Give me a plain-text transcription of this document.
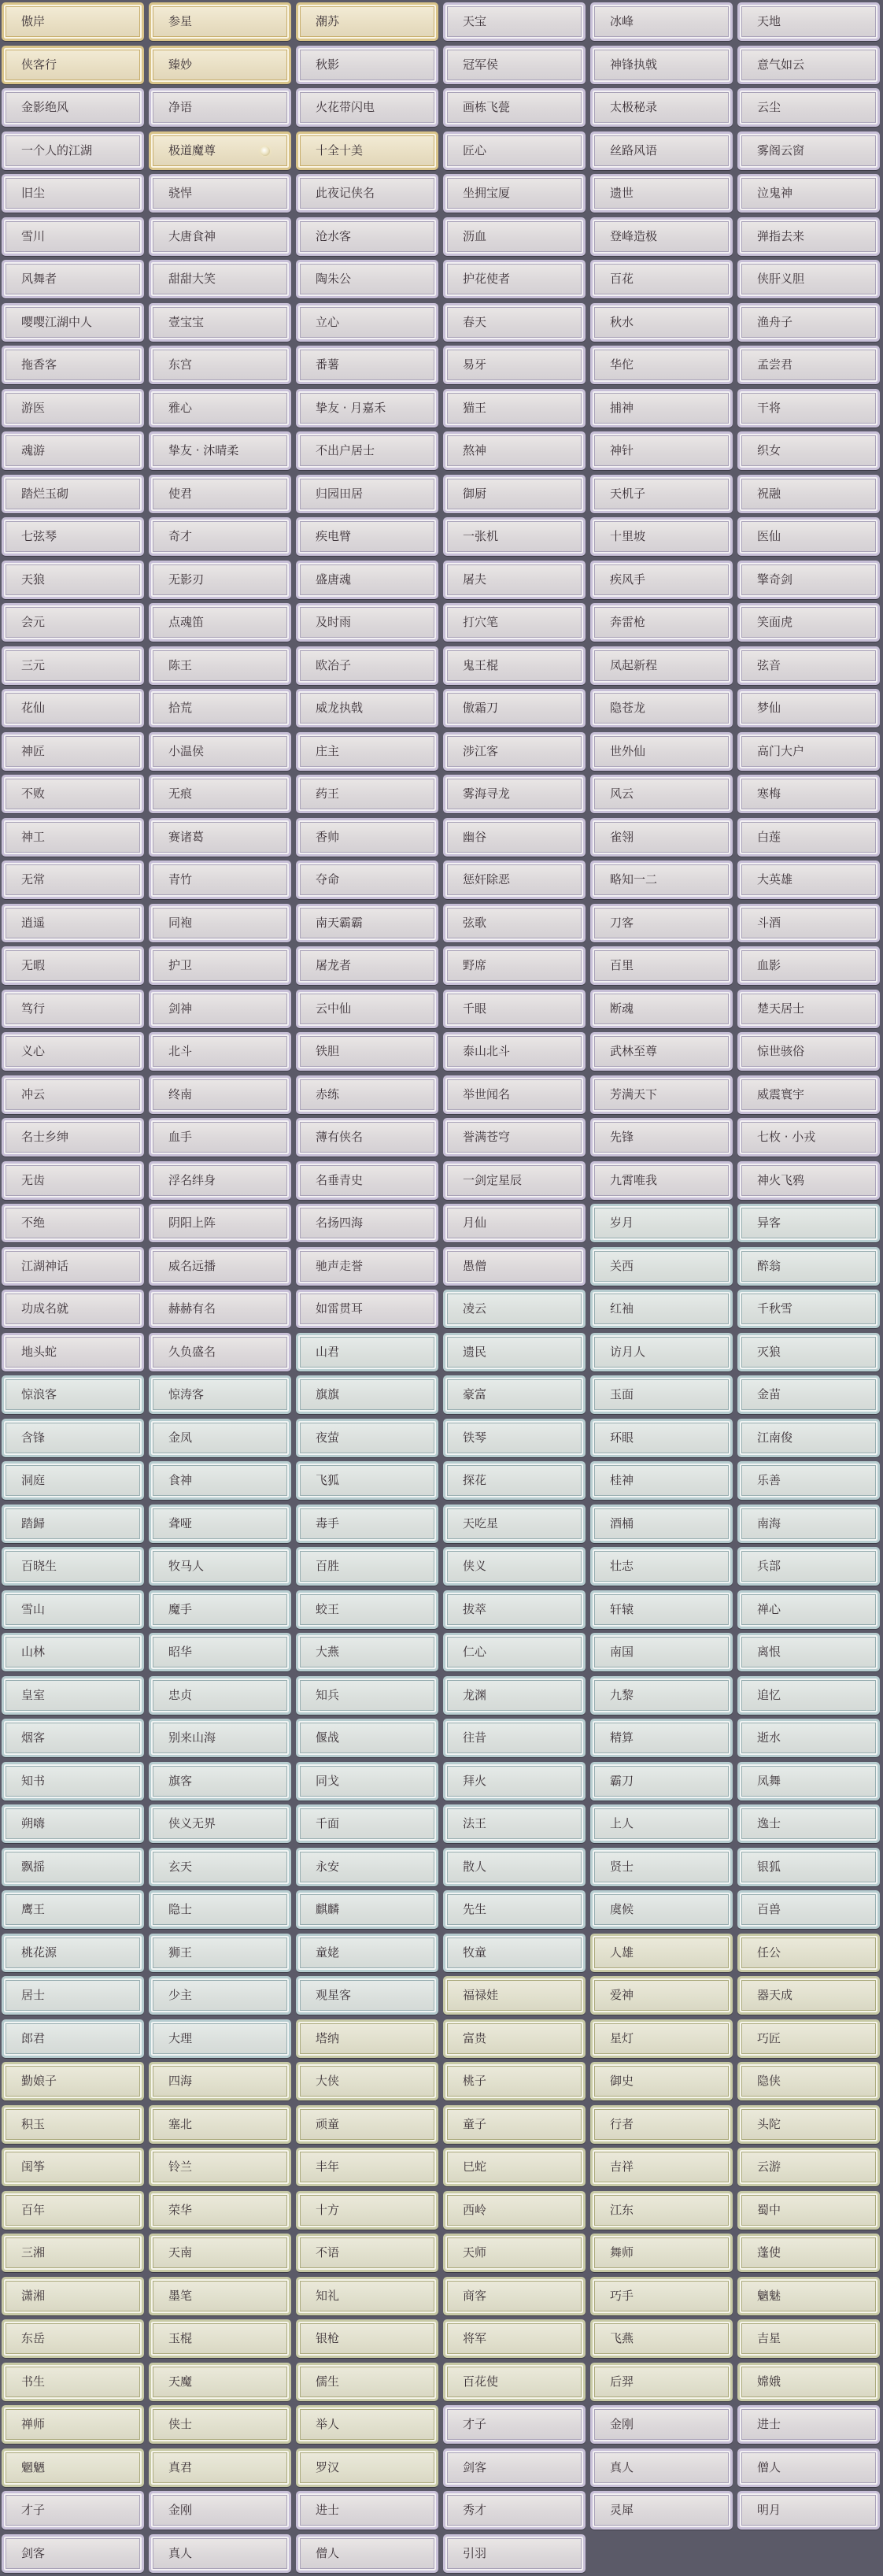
傲岸	参星	潮苏	天宝	冰峰	天地
侠客行	臻妙	秋影	冠军侯	神锋执戟	意气如云
金影绝风	净语	火花带闪电	画栋飞甍	太极秘录	云尘
一个人的江湖	极道魔尊	十全十美	匠心	丝路风语	雾阁云窗
旧尘	骁悍	此夜记侠名	坐拥宝厦	遗世	泣鬼神
雪川	大唐食神	沧水客	沥血	登峰造极	弹指去来
风舞者	甜甜大笑	陶朱公	护花使者	百花	侠肝义胆
嘤嘤江湖中人	壹宝宝	立心	春天	秋水	渔舟子
拖香客	东宫	番薯	易牙	华佗	孟尝君
游医	雅心	挚友 · 月嘉禾	猫王	捕神	干将
魂游	挚友 · 沐晴柔	不出户居士	熬神	神针	织女
踏烂玉砌	使君	归园田居	御厨	天机子	祝融
七弦琴	奇才	疾电臂	一张机	十里坡	医仙
天狼	无影刃	盛唐魂	屠夫	疾风手	擎奇剑
会元	点魂笛	及时雨	打穴笔	奔雷枪	笑面虎
三元	陈王	欧冶子	鬼王棍	凤起新程	弦音
花仙	拾荒	威龙执戟	傲霜刀	隐苍龙	梦仙
神匠	小温侯	庄主	涉江客	世外仙	高门大户
不败	无痕	药王	雾海寻龙	风云	寒梅
神工	赛诸葛	香帅	幽谷	雀翎	白莲
无常	青竹	夺命	惩奸除恶	略知一二	大英雄
逍遥	同袍	南天霸霸	弦歌	刀客	斗酒
无暇	护卫	屠龙者	野席	百里	血影
笃行	剑神	云中仙	千眼	断魂	楚天居士
义心	北斗	铁胆	泰山北斗	武林至尊	惊世骇俗
冲云	终南	赤练	举世闻名	芳满天下	威震寰宇
名士乡绅	血手	薄有侠名	誉满苍穹	先锋	七枚 · 小戎
无齿	浮名绊身	名垂青史	一剑定星辰	九霄唯我	神火飞鸦
不绝	阴阳上阵	名扬四海	月仙	岁月	异客
江湖神话	威名远播	驰声走誉	愚僧	关西	醉翁
功成名就	赫赫有名	如雷贯耳	凌云	红袖	千秋雪
地头蛇	久负盛名	山君	遗民	访月人	灭狼
惊浪客	惊涛客	旗旗	豪富	玉面	金苗
含锋	金凤	夜萤	铁琴	环眼	江南俊
洞庭	食神	飞狐	探花	桂神	乐善
踏歸	聋哑	毒手	天吃星	酒桶	南海
百晓生	牧马人	百胜	侠义	壮志	兵部
雪山	魔手	蛟王	拔萃	轩辕	禅心
山林	昭华	大燕	仁心	南国	离恨
皇室	忠贞	知兵	龙渊	九黎	追忆
烟客	别来山海	偃战	往昔	精算	逝水
知书	旗客	同戈	拜火	霸刀	凤舞
朔嗨	侠义无界	千面	法王	上人	逸士
飘摇	玄天	永安	散人	贤士	银狐
鹰王	隐士	麒麟	先生	虞候	百兽
桃花源	狮王	童姥	牧童	人雄	任公
居士	少主	观星客	福禄娃	爱神	器天成
郎君	大理	塔纳	富贵	星灯	巧匠
勤娘子	四海	大侠	桃子	御史	隐侠
积玉	塞北	顽童	童子	行者	头陀
闺筝	铃兰	丰年	巳蛇	吉祥	云游
百年	荣华	十方	西岭	江东	蜀中
三湘	天南	不语	天师	舞师	蓬使
潇湘	墨笔	知礼	商客	巧手	魑魅
东岳	玉棍	银枪	将军	飞燕	吉星
书生	天魔	儒生	百花使	后羿	嫦娥
禅师	侠士	举人	才子	金刚	进士
魍魉	真君	罗汉	剑客	真人	僧人
才子	金刚	进士	秀才	灵犀	明月
剑客	真人	僧人	引羽
